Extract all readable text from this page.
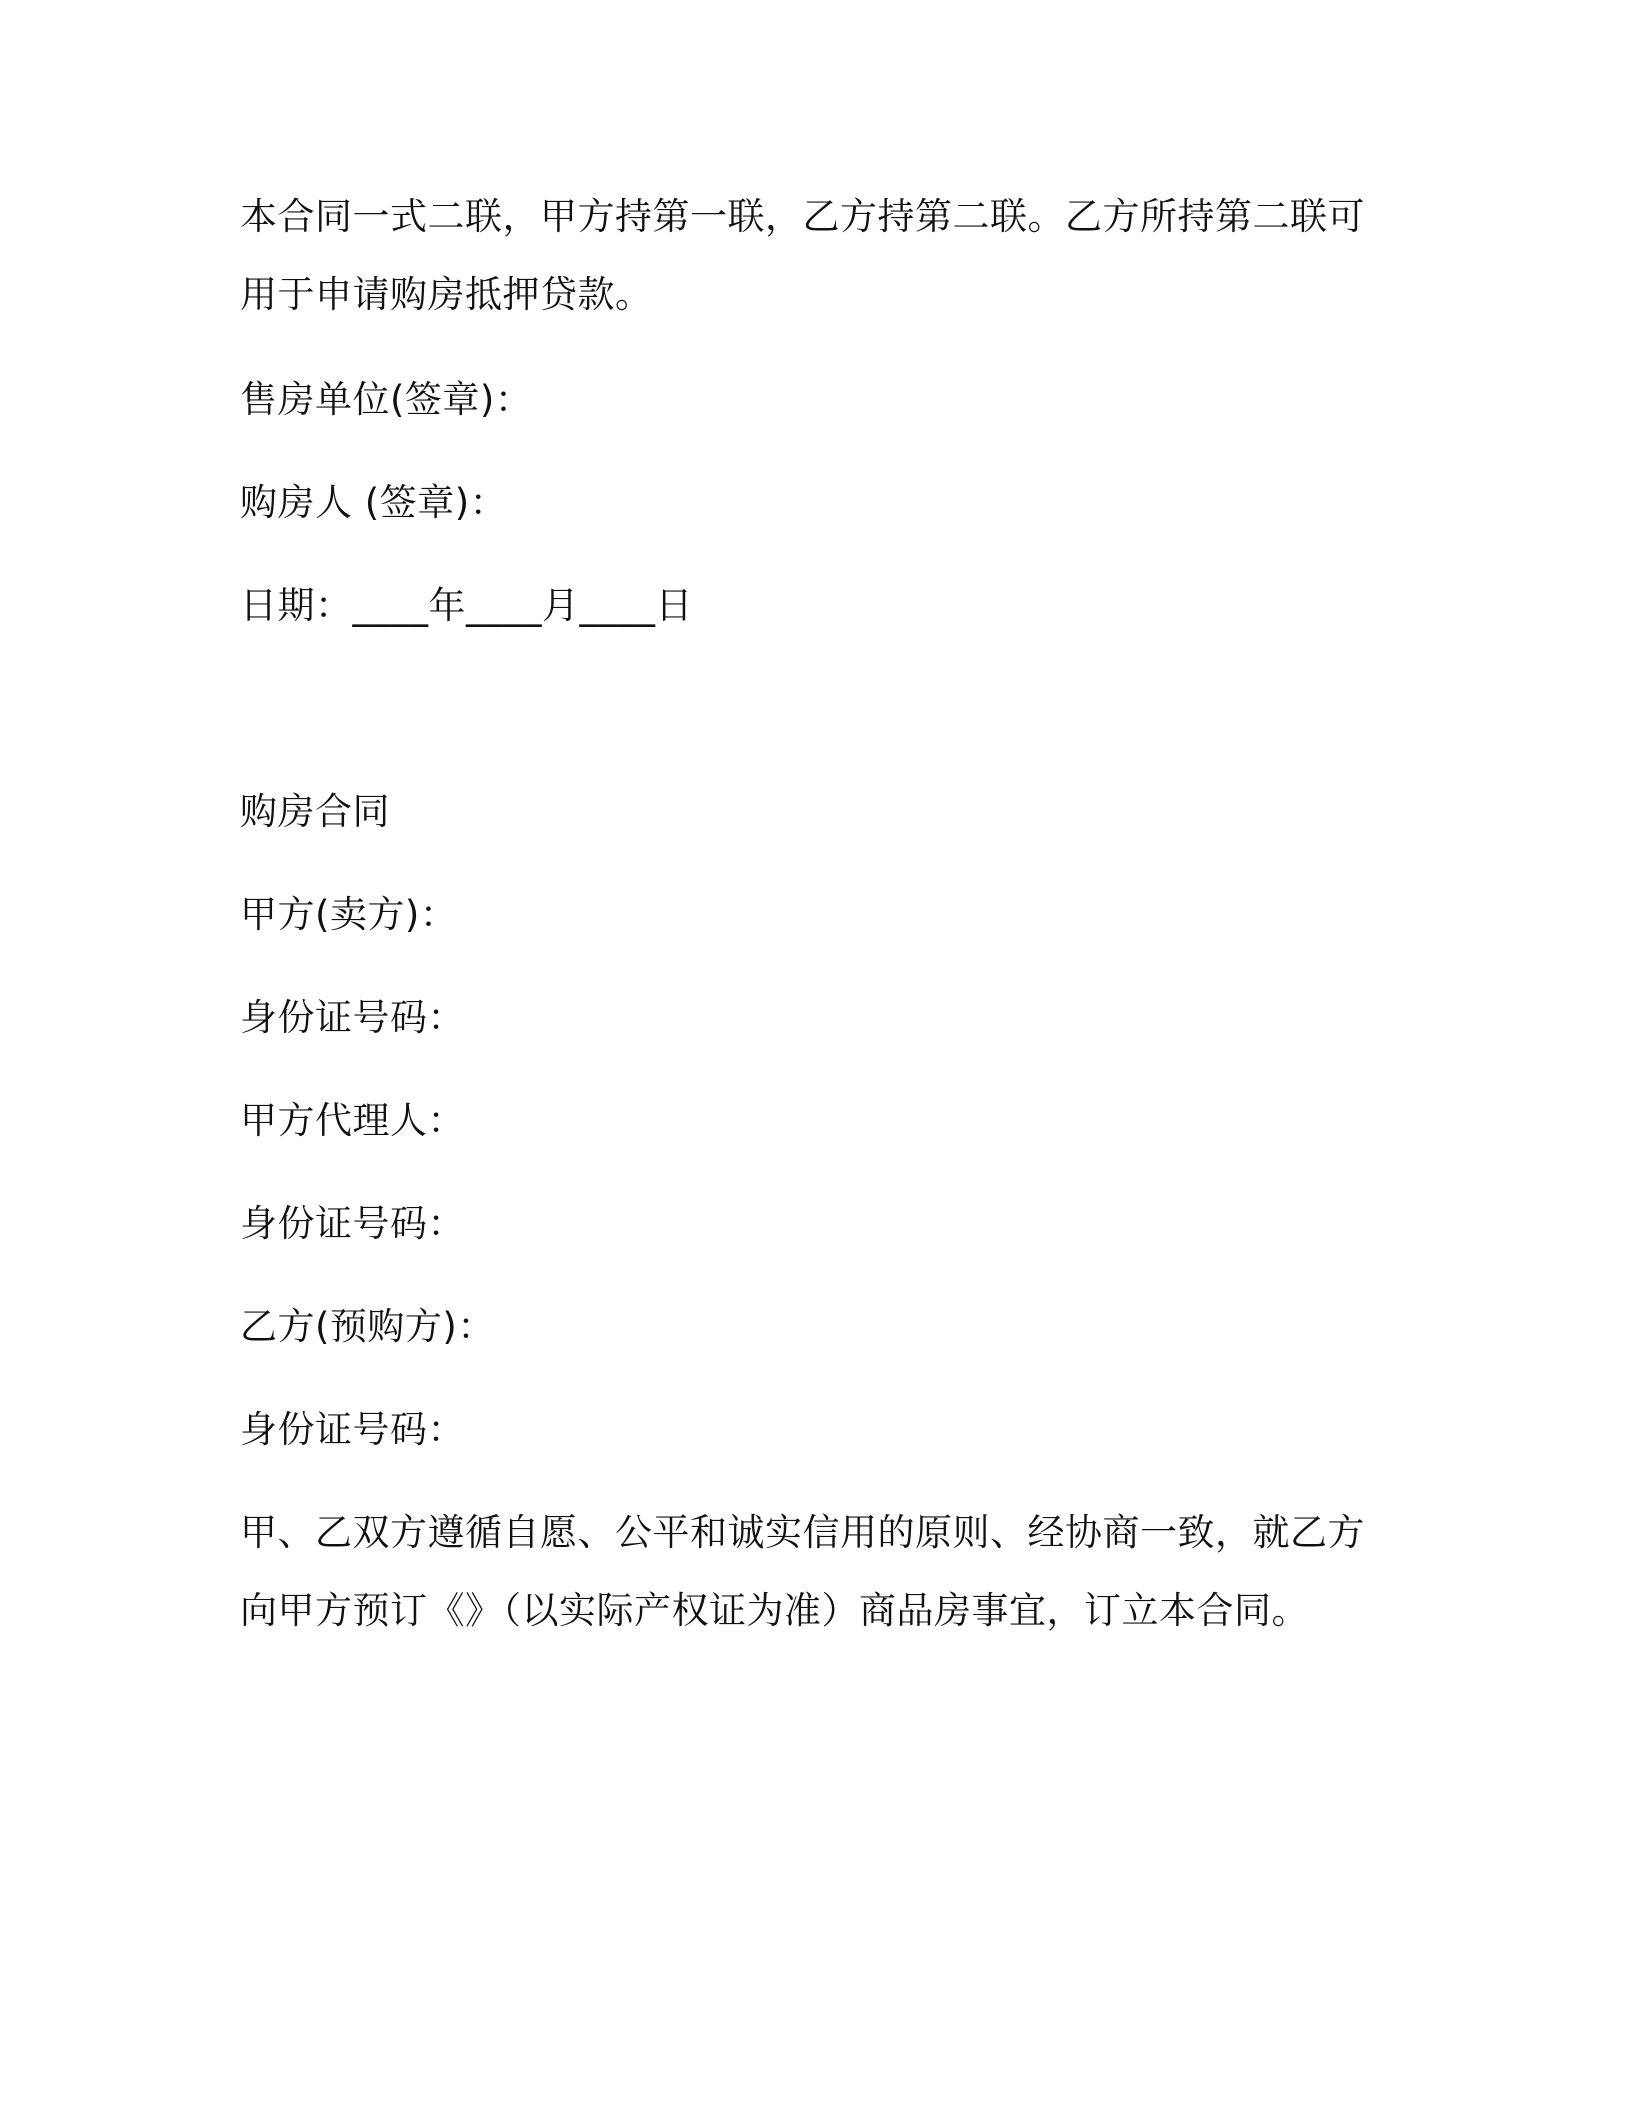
本合同一式二联，甲方持第一联，乙方持第二联。乙方所持第二联可
用于申请购房抵押贷款。

售房单位(签章)：

购房人 (签章)：

日期：____年____月____日

购房合同

甲方(卖方)：

身份证号码：

甲方代理人：

身份证号码：

乙方(预购方)：

身份证号码：

甲、乙双方遵循自愿、公平和诚实信用的原则、经协商一致，就乙方
向甲方预订《》（以实际产权证为准）商品房事宜，订立本合同。
